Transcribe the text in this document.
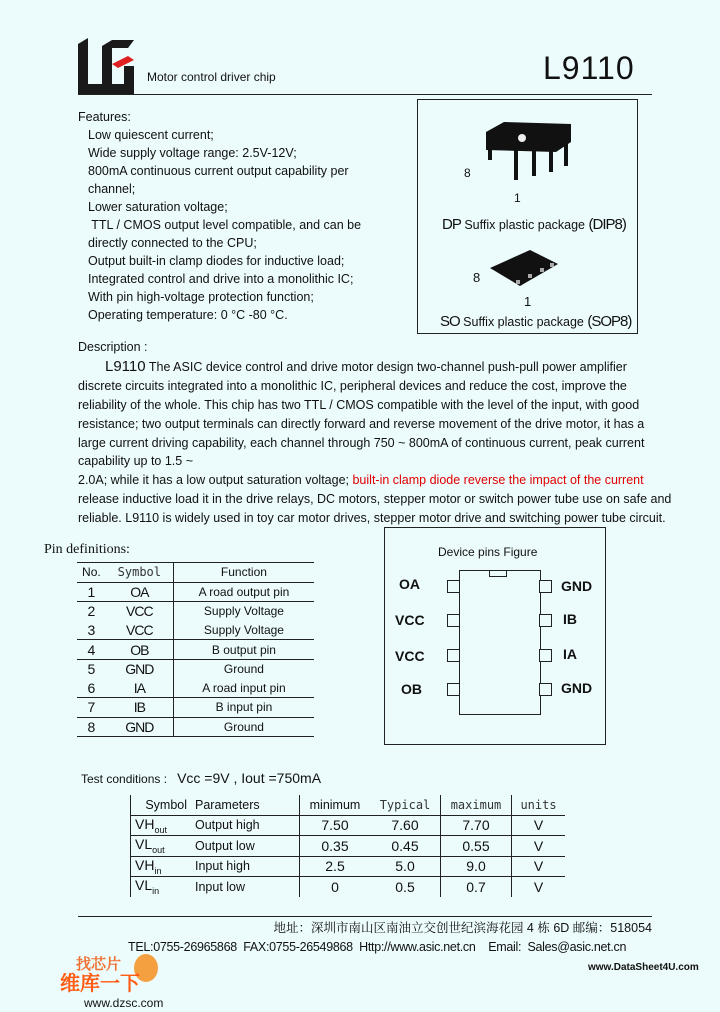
Motor control driver chip	L9110
Features:
Low quiescent current;
Wide supply voltage range: 2.5V-12V;
800mA continuous current output capability per
channel;
Lower saturation voltage;
TTL / CMOS output level compatible, and can be
directly connected to the CPU;
Output built-in clamp diodes for inductive load;
Integrated control and drive into a monolithic IC;
With pin high-voltage protection function;
Operating temperature: 0 °C -80 °C.
8
1
DP Suffix plastic package (DIP8)
8
1
SO Suffix plastic package (SOP8)
Description :
L9110 The ASIC device control and drive motor design two-channel push-pull power amplifier
discrete circuits integrated into a monolithic IC, peripheral devices and reduce the cost, improve the
reliability of the whole. This chip has two TTL / CMOS compatible with the level of the input, with good
resistance; two output terminals can directly forward and reverse movement of the drive motor, it has a
large current driving capability, each channel through 750 ~ 800mA of continuous current, peak current
capability up to 1.5 ~
2.0A; while it has a low output saturation voltage; built-in clamp diode reverse the impact of the current
release inductive load it in the drive relays, DC motors, stepper motor or switch power tube use on safe and
reliable. L9110 is widely used in toy car motor drives, stepper motor drive and switching power tube circuit.
Pin definitions:
No.	Symbol	Function
1	OA	A road output pin
2	VCC	Supply Voltage
3	VCC	Supply Voltage
4	OB	B output pin
5	GND	Ground
6	IA	A road input pin
7	IB	B input pin
8	GND	Ground
Device pins Figure
OA
VCC
VCC
OB
GND
IB
IA
GND
Test conditions : Vcc =9V , Iout =750mA
Symbol	Parameters	minimum	Typical	maximum	units
$VH_{out}$	Output high	7.50	7.60	7.70	V
$VL_{out}$	Output low	0.35	0.45	0.55	V
$VH_{in}$	Input high	2.5	5.0	9.0	V
$VL_{in}$	Input low	0	0.5	0.7	V
地址：深圳市南山区南油立交创世纪滨海花园 4 栋 6D 邮编：518054
TEL:0755-26965868  FAX:0755-26549868  Http://www.asic.net.cn    Email:  Sales@asic.net.cn
www.DataSheet4U.com
找芯片
维库一下
www.dzsc.com
